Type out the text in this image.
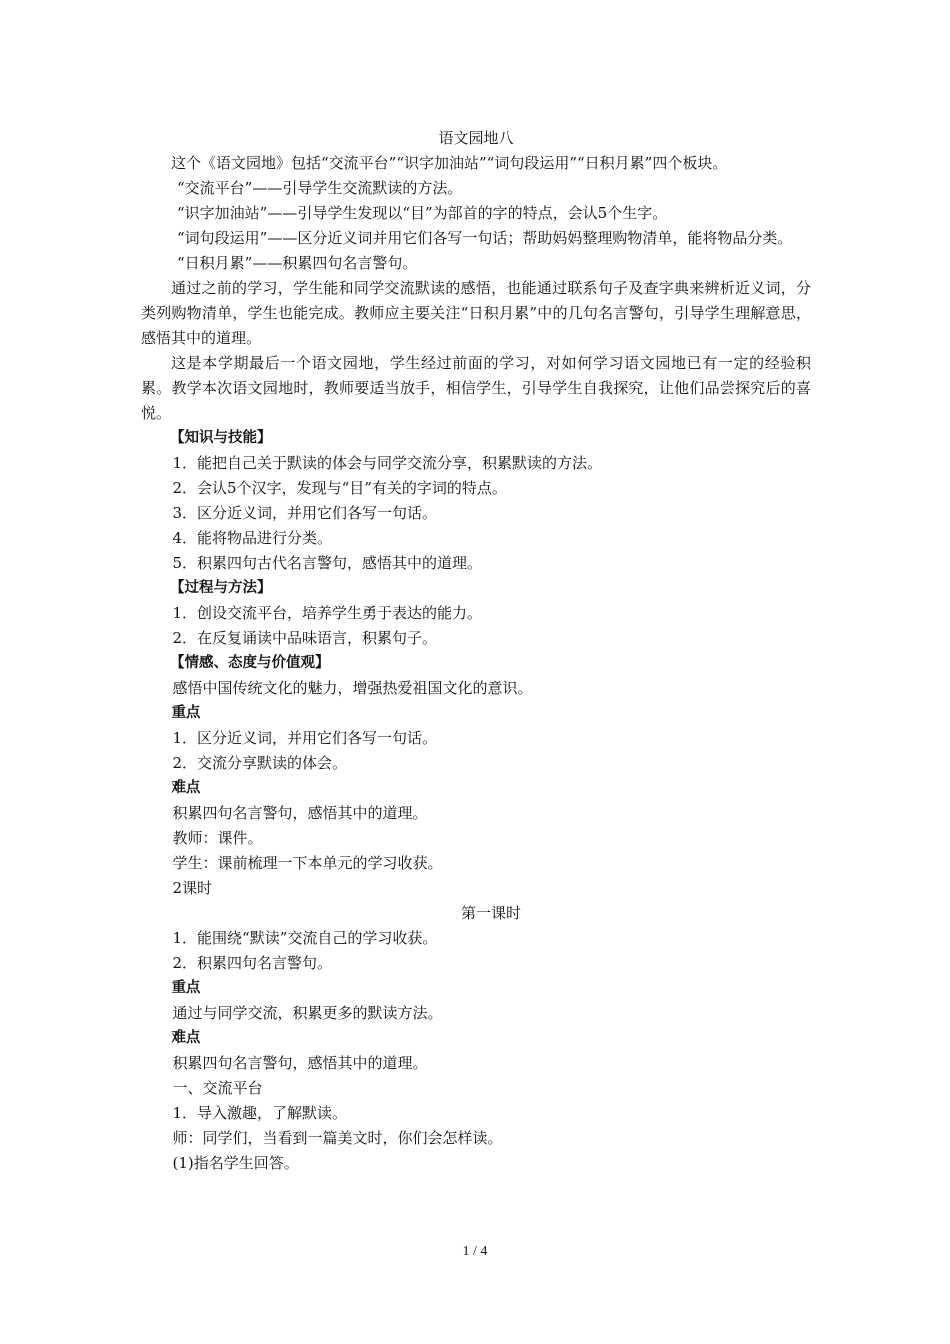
语文园地八

这个《语文园地》包括“交流平台”“识字加油站”“词句段运用”“日积月累”四个板块。

“交流平台”——引导学生交流默读的方法。

“识字加油站”——引导学生发现以“目”为部首的字的特点，会认5个生字。

“词句段运用”——区分近义词并用它们各写一句话；帮助妈妈整理购物清单，能将物品分类。

“日积月累”——积累四句名言警句。

通过之前的学习，学生能和同学交流默读的感悟，也能通过联系句子及查字典来辨析近义词，分类列购物清单，学生也能完成。教师应主要关注“日积月累”中的几句名言警句，引导学生理解意思，感悟其中的道理。

这是本学期最后一个语文园地，学生经过前面的学习，对如何学习语文园地已有一定的经验积累。教学本次语文园地时，教师要适当放手，相信学生，引导学生自我探究，让他们品尝探究后的喜悦。

【知识与技能】

1．能把自己关于默读的体会与同学交流分享，积累默读的方法。

2．会认5个汉字，发现与“目”有关的字词的特点。

3．区分近义词，并用它们各写一句话。

4．能将物品进行分类。

5．积累四句古代名言警句，感悟其中的道理。

【过程与方法】

1．创设交流平台，培养学生勇于表达的能力。

2．在反复诵读中品味语言，积累句子。

【情感、态度与价值观】

感悟中国传统文化的魅力，增强热爱祖国文化的意识。

重点

1．区分近义词，并用它们各写一句话。

2．交流分享默读的体会。

难点

积累四句名言警句，感悟其中的道理。

教师：课件。

学生：课前梳理一下本单元的学习收获。

2课时

第一课时

1．能围绕“默读”交流自己的学习收获。

2．积累四句名言警句。

重点

通过与同学交流，积累更多的默读方法。

难点

积累四句名言警句，感悟其中的道理。

一、交流平台

1．导入激趣，了解默读。

师：同学们，当看到一篇美文时，你们会怎样读。

(1)指名学生回答。

1 / 4
